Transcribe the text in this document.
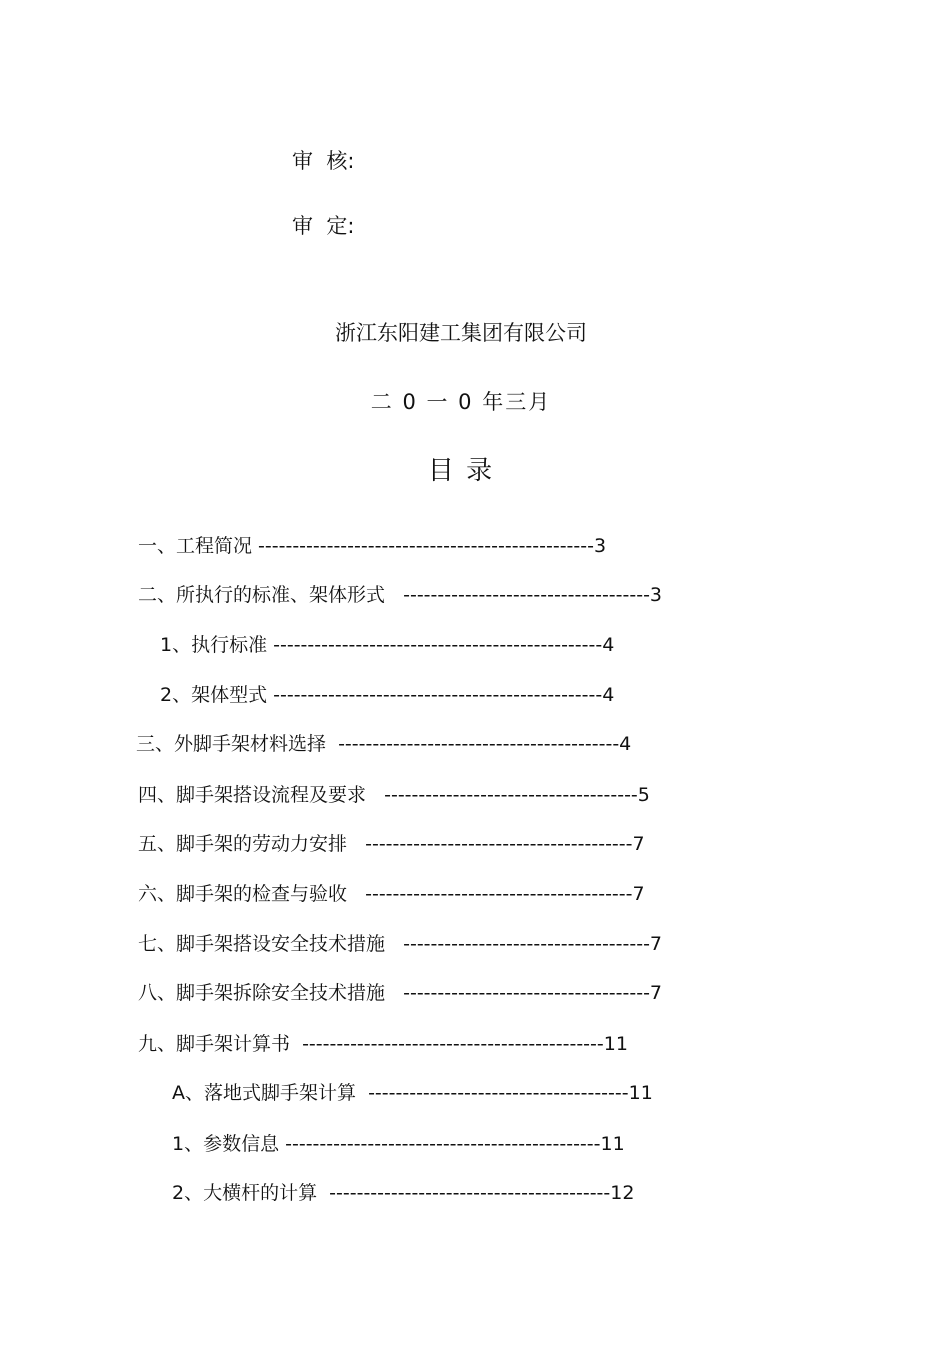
审  核:
审  定:
浙江东阳建工集团有限公司
二 0 一 0 年三月
目 录
一、工程简况 -------------------------------------------------3
二、所执行的标准、架体形式   ------------------------------------3
1、执行标准 ------------------------------------------------4
2、架体型式 ------------------------------------------------4
三、外脚手架材料选择  -----------------------------------------4
四、脚手架搭设流程及要求   -------------------------------------5
五、脚手架的劳动力安排   ---------------------------------------7
六、脚手架的检查与验收   ---------------------------------------7
七、脚手架搭设安全技术措施   ------------------------------------7
八、脚手架拆除安全技术措施   ------------------------------------7
九、脚手架计算书  --------------------------------------------11
A、落地式脚手架计算  --------------------------------------11
1、参数信息 ----------------------------------------------11
2、大横杆的计算  -----------------------------------------12
